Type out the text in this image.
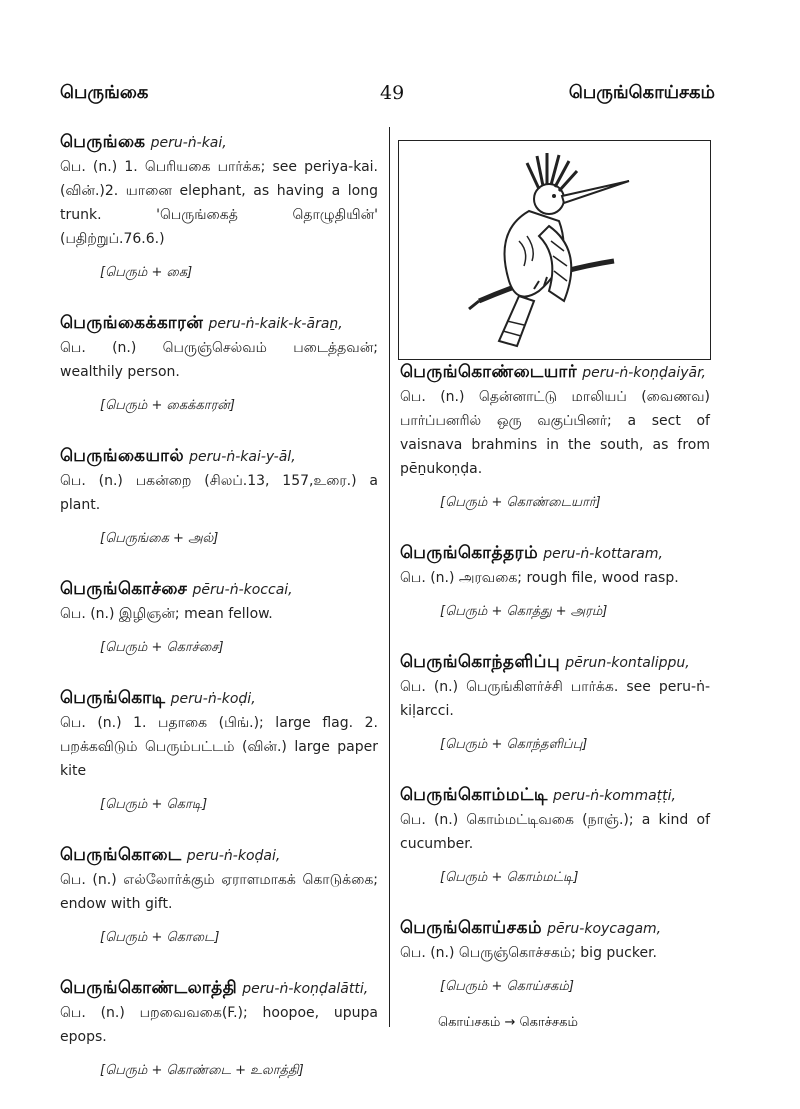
பெருங்கை	49	பெருங்கொய்சகம்
பெருங்கை peru-ṅ-kai,
பெ. (n.) 1. பெரியகை பார்க்க; see periya-kai. (வின்.)2. யானை elephant, as having a long trunk. 'பெருங்கைத் தொழுதியின்' (பதிற்றுப்.76.6.)
[பெரும் + கை]
பெருங்கைக்காரன் peru-ṅ-kaik-k-āraṉ,
பெ. (n.) பெருஞ்செல்வம் படைத்தவன்; wealthily person.
[பெரும் + கைக்காரன்]
பெருங்கையால் peru-ṅ-kai-y-āl,
பெ. (n.) பகன்றை (சிலப்.13, 157,உரை.) a plant.
[பெருங்கை + அல்]
பெருங்கொச்சை pēru-ṅ-koccai,
பெ. (n.) இழிஞன்; mean fellow.
[பெரும் + கொச்சை]
பெருங்கொடி peru-ṅ-koḍi,
பெ. (n.) 1. பதாகை (பிங்.); large flag. 2. பறக்கவிடும் பெரும்பட்டம் (வின்.) large paper kite
[பெரும் + கொடி]
பெருங்கொடை peru-ṅ-koḍai,
பெ. (n.) எல்லோர்க்கும் ஏராளமாகக் கொடுக்கை; endow with gift.
[பெரும் + கொடை]
பெருங்கொண்டலாத்தி peru-ṅ-koṇḍalātti,
பெ. (n.) பறவைவகை(F.); hoopoe, upupa epops.
[பெரும் + கொண்டை + உலாத்தி]
பெருங்கொண்டையார் peru-ṅ-koṇḍaiyār,
பெ. (n.) தென்னாட்டு மாலியப் (வைணவ) பார்ப்பனரில் ஒரு வகுப்பினர்; a sect of vaisnava brahmins in the south, as from pēṉukoṇḍa.
[பெரும் + கொண்டையார்]
பெருங்கொத்தரம் peru-ṅ-kottaram,
பெ. (n.) அரவகை; rough file, wood rasp.
[பெரும் + கொத்து + அரம்]
பெருங்கொந்தளிப்பு pērun-kontalippu,
பெ. (n.) பெருங்கிளர்ச்சி பார்க்க. see peru-ṅ-kiḷarcci.
[பெரும் + கொந்தளிப்பு]
பெருங்கொம்மட்டி peru-ṅ-kommaṭṭi,
பெ. (n.) கொம்மட்டிவகை (நாஞ்.); a kind of cucumber.
[பெரும் + கொம்மட்டி]
பெருங்கொய்சகம் pēru-koycagam,
பெ. (n.) பெருஞ்கொச்சகம்; big pucker.
[பெரும் + கொய்சகம்]
கொய்சகம் → கொச்சகம்
